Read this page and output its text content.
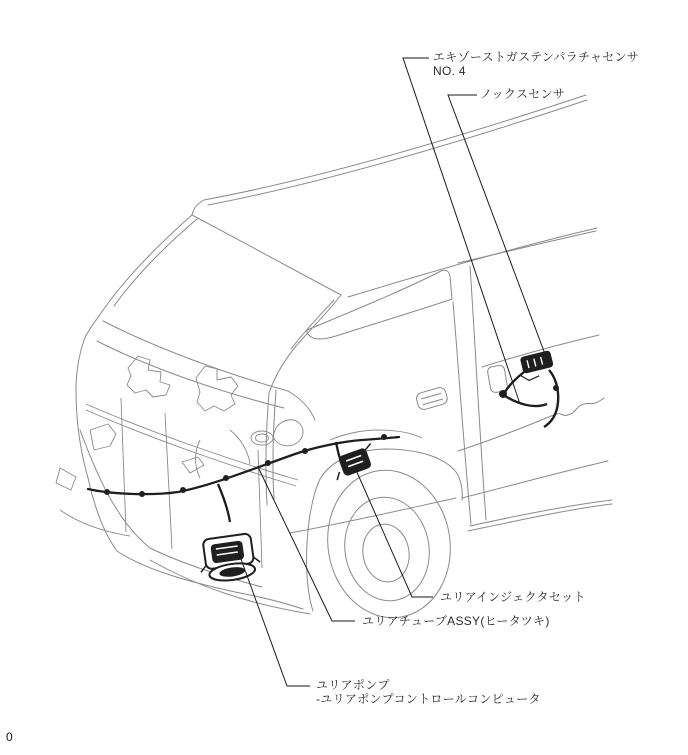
エキゾーストガステンパラチャセンサ
NO. 4
ノックスセンサ
ユリアインジェクタセット
ユリアチューブASSY(ヒータツキ)
ユリアポンプ
-ユリアポンプコントロールコンピュータ
0
